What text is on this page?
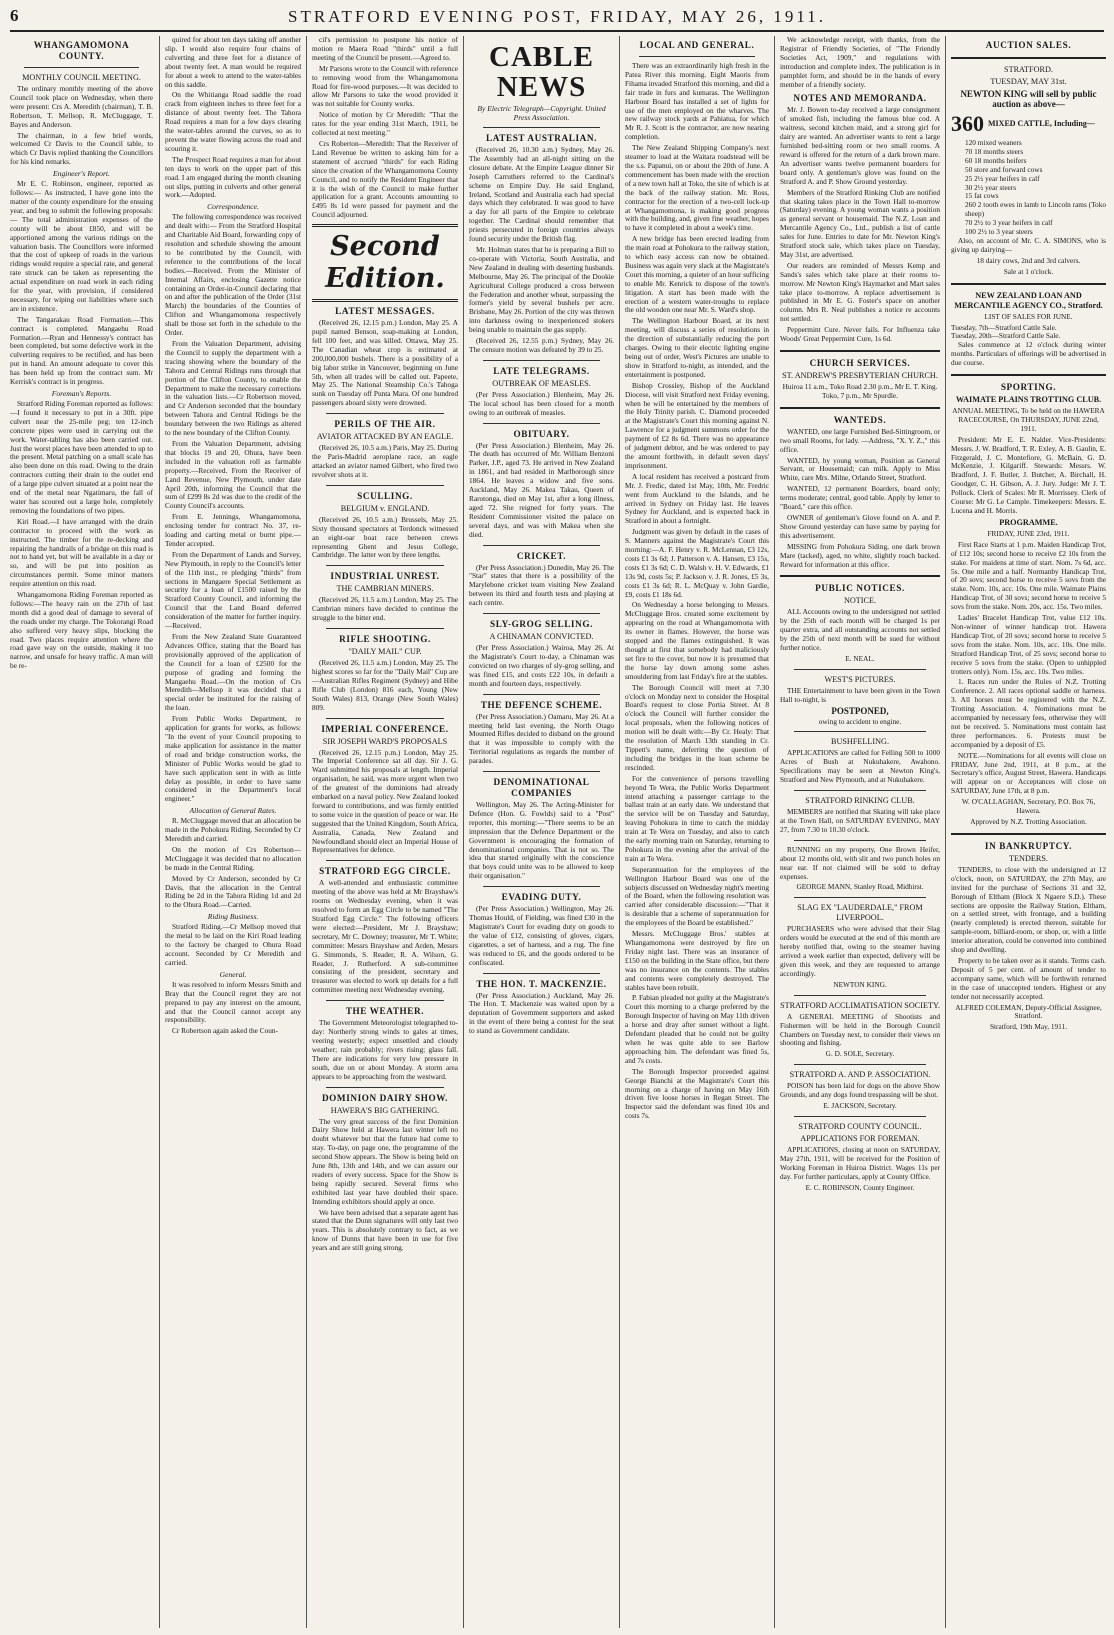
6	STRATFORD EVENING POST, FRIDAY, MAY 26, 1911.
WHANGAMOMONA COUNTY.
MONTHLY COUNCIL MEETING.

The ordinary monthly meeting of the above Council took place on Wednesday, when there were present: Crs A. Meredith (chairman), T. B. Robertson, T. Mellsop, R. McCluggage, T. Bayes and Anderson.

The chairman, in a few brief words, welcomed Cr Davis to the Council table, to which Cr Davis replied thanking the Councillors for his kind remarks.

Engineer's Report.

Mr E. C. Robinson, engineer, reported as follows:— As instructed, I have gone into the matter of the county expenditure for the ensuing year, and beg to submit the following proposals:— The total administration expenses of the county will be about £850, and will be apportioned among the various ridings on the valuation basis. The Councillors were informed that the cost of upkeep of roads in the various ridings would require a special rate, and general rate struck can be taken as representing the actual expenditure on road work in each riding for the year, with provision, if considered necessary, for wiping out liabilities where such are in existence.

The Tangarakau Road Formation.—This contract is completed. Mangaehu Road Formation.—Ryan and Hennessy's contract has been completed, but some defective work in the culverting requires to be rectified, and has been put in hand. An amount adequate to cover this has been held up from the contract sum. Mr Kerrisk's contract is in progress.

Foreman's Reports.

Stratford Riding Foreman reported as follows:—I found it necessary to put in a 30ft. pipe culvert near the 25-mile peg; ten 12-inch concrete pipes were used in carrying out the work. Water-tabling has also been carried out. Just the worst places have been attended to up to the present. Metal patching on a small scale has also been done on this road. Owing to the drain contractors cutting their drain to the outlet end of a large pipe culvert situated at a point near the end of the metal near Ngatimaru, the fall of water has scoured out a large hole, completely removing the foundations of two pipes.

Kiri Road.—I have arranged with the drain contractor to proceed with the work as instructed. The timber for the re-decking and repairing the handrails of a bridge on this road is not to hand yet, but will be available in a day or so, and will be put into position as circumstances permit. Some minor matters require attention on this road.

Whangamomona Riding Foreman reported as follows:—The heavy rain on the 27th of last month did a good deal of damage to several of the roads under my charge. The Tokorangi Road also suffered very heavy slips, blocking the road. Two places require attention where the road gave way on the outside, making it too narrow, and unsafe for heavy traffic. A man will be re-

quired for about ten days taking off another slip. I would also require four chains of culverting and three feet for a distance of about twenty feet. A man would be required for about a week to attend to the water-tables on this saddle.

On the Whitianga Road saddle the road crack from eighteen inches to three feet for a distance of about twenty feet. The Tahora Road requires a man for a few days clearing the water-tables around the curves, so as to prevent the water flowing across the road and scouring it.

The Prospect Road requires a man for about ten days to work on the upper part of this road. I am engaged during the month cleaning out slips, putting in culverts and other general work.—Adopted.

Correspondence.

The following correspondence was received and dealt with:— From the Stratford Hospital and Charitable Aid Board, forwarding copy of resolution and schedule showing the amount to be contributed by the Council, with reference to the contributions of the local bodies.—Received. From the Minister of Internal Affairs, enclosing Gazette notice containing an Order-in-Council declaring that on and after the publication of the Order (31st March) the boundaries of the Counties of Clifton and Whangamomona respectively shall be those set forth in the schedule to the Order.

From the Valuation Department, advising the Council to supply the department with a tracing showing where the boundary of the Tahora and Central Ridings runs through that portion of the Clifton County, to enable the Department to make the necessary corrections in the valuation lists.—Cr Robertson moved, and Cr Anderson seconded that the boundary between Tahora and Central Ridings be the boundary between the two Ridings as altered to the new boundary of the Clifton County.

From the Valuation Department, advising that blocks 19 and 20, Ohura, have been included in the valuation roll as farmable property.—Received. From the Receiver of Land Revenue, New Plymouth, under date April 20th, informing the Council that the sum of £299 8s 2d was due to the credit of the County Council's accounts.

From E. Jennings, Whangamomona, enclosing tender for contract No. 37, re-loading and carting metal or burnt pipe.—Tender accepted.

From the Department of Lands and Survey, New Plymouth, in reply to the Council's letter of the 11th inst., re pledging "thirds" from sections in Mangaere Special Settlement as security for a loan of £1500 raised by the Stratford County Council, and informing the Council that the Land Board deferred consideration of the matter for further inquiry.—Received.

From the New Zealand State Guaranteed Advances Office, stating that the Board has provisionally approved of the application of the Council for a loan of £2500 for the purpose of grading and forming the Mangaehu Road.—On the motion of Crs Meredith—Mellsop it was decided that a special order be instituted for the raising of the loan.

From Public Works Department, re application for grants for works, as follows: "In the event of your Council proposing to make application for assistance in the matter of road and bridge construction works, the Minister of Public Works would be glad to have such application sent in with as little delay as possible, in order to have same considered in the Department's local engineer."

Allocation of General Rates.

R. McCluggage moved that an allocation be made in the Pohokura Riding. Seconded by Cr Meredith and carried.

On the motion of Crs Robertson—McCluggage it was decided that no allocation be made in the Central Riding.

Moved by Cr Anderson, seconded by Cr Davis, that the allocation in the Central Riding be 2d in the Tahora Riding 1d and 2d to the Ohura Road.—Carried.

Riding Business.

Stratford Riding.—Cr Mellsop moved that the metal to be laid on the Kiri Road leading to the factory be charged to Ohura Road account. Seconded by Cr Meredith and carried.

General.

It was resolved to inform Messrs Smith and Bray that the Council regret they are not prepared to pay any interest on the amount, and that the Council cannot accept any responsibility.

Cr Robertson again asked the Coun-

cil's permission to postpone his notice of motion re Maera Road "thirds" until a full meeting of the Council be present.—Agreed to.

Mr Parsons wrote to the Council with reference to removing wood from the Whangamomona Road for fire-wood purposes.—It was decided to allow Mr Parsons to take the wood provided it was not suitable for County works.

Notice of motion by Cr Meredith: "That the rates for the year ending 31st March, 1911, be collected at next meeting."

Crs Roberton—Meredith: That the Receiver of Land Revenue be written to asking him for a statement of accrued "thirds" for each Riding since the creation of the Whangamomona County Council, and to notify the Resident Engineer that it is the wish of the Council to make further application for a grant. Accounts amounting to £495 8s 1d were passed for payment and the Council adjourned.

Second Edition.
LATEST MESSAGES.

(Received 26, 12.15 p.m.) London, May 25. A pupil named Benson, soap-making at London, fell 100 feet, and was killed. Ottawa, May 25. The Canadian wheat crop is estimated at 200,000,000 bushels. There is a possibility of a big labor strike in Vancouver, beginning on June 5th, when all trades will be called out. Papeete, May 25. The National Steamship Co.'s Tahoga sunk on Tuesday off Punta Mara. Of one hundred passengers aboard sixty were drowned.

PERILS OF THE AIR.
AVIATOR ATTACKED BY AN EAGLE.

(Received 26, 10.5 a.m.) Paris, May 25. During the Paris-Madrid aeroplane race, an eagle attacked an aviator named Gilbert, who fired two revolver shots at it.

SCULLING.
BELGIUM v. ENGLAND.

(Received 26, 10.5 a.m.) Brussels, May 25. Sixty thousand spectators at Terdonck witnessed an eight-oar boat race between crews representing Ghent and Jesus College, Cambridge. The latter won by three lengths.

INDUSTRIAL UNREST.
THE CAMBRIAN MINERS.

(Received 26, 11.5 a.m.) London, May 25. The Cambrian miners have decided to continue the struggle to the bitter end.

RIFLE SHOOTING.
"DAILY MAIL" CUP.

(Received 26, 11.5 a.m.) London, May 25. The highest scores so far for the "Daily Mail" Cup are—Australian Rifles Regiment (Sydney) and Hibe Rifle Club (London) 816 each, Young (New South Wales) 813, Orange (New South Wales) 809.

IMPERIAL CONFERENCE.
SIR JOSEPH WARD'S PROPOSALS

(Received 26, 12.15 p.m.) London, May 25. The Imperial Conference sat all day. Sir J. G. Ward submitted his proposals at length. Imperial organisation, he said, was more urgent when two of the greatest of the dominions had already embarked on a naval policy. New Zealand looked forward to contributions, and was firmly entitled to some voice in the question of peace or war. He suggested that the United Kingdom, South Africa, Australia, Canada, New Zealand and Newfoundland should elect an Imperial House of Representatives for defence.

STRATFORD EGG CIRCLE.

A well-attended and enthusiastic committee meeting of the above was held at Mr Brayshaw's rooms on Wednesday evening, when it was resolved to form an Egg Circle to be named "The Stratford Egg Circle." The following officers were elected:—President, Mr J. Brayshaw; secretary, Mr C. Downey; treasurer, Mr T. White; committee: Messrs Brayshaw and Arden, Messrs G. Simmonds, S. Reader, R. A. Wilson, G. Reader, J. Rutherford. A sub-committee consisting of the president, secretary and treasurer was elected to work up details for a full committee meeting next Wednesday evening.

THE WEATHER.

The Government Meteorologist telegraphed to-day: Northerly strong winds to gales at times, veering westerly; expect unsettled and cloudy weather; rain probably; rivers rising; glass fall. There are indications for very low pressure in south, due on or about Monday. A storm area appears to be approaching from the westward.

DOMINION DAIRY SHOW.
HAWERA'S BIG GATHERING.

The very great success of the first Dominion Dairy Show held at Hawera last winter left no doubt whatever but that the future had come to stay. To-day, on page one, the programme of the second Show appears. The Show is being held on June 8th, 13th and 14th, and we can assure our readers of every success. Space for the Show is being rapidly secured. Several firms who exhibited last year have doubled their space. Intending exhibitors should apply at once.

We have been advised that a separate agent has stated that the Dunn signatures will only last two years. This is absolutely contrary to fact, as we know of Dunns that have been in use for five years and are still going strong.

CABLE NEWS
By Electric Telegraph—Copyright. United Press Association.
LATEST AUSTRALIAN.

(Received 26, 10.30 a.m.) Sydney, May 26. The Assembly had an all-night sitting on the closure debate. At the Empire League dinner Sir Joseph Carruthers referred to the Cardinal's scheme on Empire Day. He said England, Ireland, Scotland and Australia each had special days which they celebrated. It was good to have a day for all parts of the Empire to celebrate together. The Cardinal should remember that priests persecuted in foreign countries always found security under the British flag.

Mr. Holman states that he is preparing a Bill to co-operate with Victoria, South Australia, and New Zealand in dealing with deserting husbands. Melbourne, May 26. The principal of the Dookie Agricultural College produced a cross between the Federation and another wheat, surpassing the former's yield by several bushels per acre. Brisbane, May 26. Portion of the city was thrown into darkness owing to inexperienced stokers being unable to maintain the gas supply.

(Received 26, 12.55 p.m.) Sydney, May 26. The censure motion was defeated by 39 to 25.

LATE TELEGRAMS.
OUTBREAK OF MEASLES.

(Per Press Association.) Blenheim, May 26. The local school has been closed for a month owing to an outbreak of measles.

OBITUARY.

(Per Press Association.) Blenheim, May 26. The death has occurred of Mr. William Benzoni Parker, J.P., aged 73. He arrived in New Zealand in 1861, and had resided in Marlborough since 1864. He leaves a widow and five sons. Auckland, May 26. Makea Takau, Queen of Rarotonga, died on May 1st, after a long illness, aged 72. She reigned for forty years. The Resident Commissioner visited the palace on several days, and was with Makea when she died.

CRICKET.

(Per Press Association.) Dunedin, May 26. The "Star" states that there is a possibility of the Marylebone cricket team visiting New Zealand between its third and fourth tests and playing at each centre.

SLY-GROG SELLING.
A CHINAMAN CONVICTED.

(Per Press Association.) Wairoa, May 26. At the Magistrate's Court to-day, a Chinaman was convicted on two charges of sly-grog selling, and was fined £15, and costs £22 10s, in default a month and fourteen days, respectively.

THE DEFENCE SCHEME.

(Per Press Association.) Oamaru, May 26. At a meeting held last evening, the North Otago Mounted Rifles decided to disband on the ground that it was impossible to comply with the Territorial regulations as regards the number of parades.

DENOMINATIONAL COMPANIES

Wellington, May 26. The Acting-Minister for Defence (Hon. G. Fowlds) said to a "Post" reporter, this morning:—"There seems to be an impression that the Defence Department or the Government is encouraging the formation of denominational companies. That is not so. The idea that started originally with the conscience that boys could unite was to be allowed to keep their organisation."

EVADING DUTY.

(Per Press Association.) Wellington, May 26. Thomas Hould, of Fielding, was fined £30 in the Magistrate's Court for evading duty on goods to the value of £12, consisting of gloves, cigars, cigarettes, a set of harness, and a rug. The fine was reduced to £6, and the goods ordered to be confiscated.

THE HON. T. MACKENZIE.

(Per Press Association.) Auckland, May 26. The Hon. T. Mackenzie was waited upon by a deputation of Government supporters and asked in the event of there being a contest for the seat to stand as Government candidate.

LOCAL AND GENERAL.

There was an extraordinarily high fresh in the Patea River this morning. Eight Maoris from Fihama invaded Stratford this morning, and did a fair trade in furs and kumaras. The Wellington Harbour Board has installed a set of lights for use of the men employed on the wharves. The new railway stock yards at Pahiatua, for which Mr R. J. Scott is the contractor, are now nearing completion.

The New Zealand Shipping Company's next steamer to load at the Waitara roadstead will be the s.s. Papanui, on or about the 20th of June. A commencement has been made with the erection of a new town hall at Toko, the site of which is at the back of the railway station. Mr. Ross, contractor for the erection of a two-cell lock-up at Whangamomona, is making good progress with the building, and, given fine weather, hopes to have it completed in about a week's time.

A new bridge has been erected leading from the main road at Pohokura to the railway station, to which easy access can now be obtained. Business was again very slack at the Magistrate's Court this morning, a quieter of an hour sufficing to enable Mr. Kenrick to dispose of the town's litigation. A start has been made with the erection of a western water-troughs to replace the old wooden one near Mr. S. Ward's shop.

The Wellington Harbour Board, at its next meeting, will discuss a series of resolutions in the direction of substantially reducing the port charges. Owing to their electric lighting engine being out of order, West's Pictures are unable to show in Stratford to-night, as intended, and the entertainment is postponed.

Bishop Crossley, Bishop of the Auckland Diocese, will visit Stratford next Friday evening, when he will be entertained by the members of the Holy Trinity parish. C. Diamond proceeded at the Magistrate's Court this morning against N. Lawrence for a judgment summons order for the payment of £2 8s 6d. There was no appearance of judgment debtor, and he was ordered to pay the amount forthwith, in default seven days' imprisonment.

A local resident has received a postcard from Mr. J. Fredic, dated 1st May, 10th, Mr. Fredric went from Auckland to the Islands, and he arrived in Sydney on Friday last. He leaves Sydney for Auckland, and is expected back in Stratford in about a fortnight.

Judgment was given by default in the cases of S. Manners against the Magistrate's Court this morning:—A. F. Henry v. R. McLennan, £3 12s, costs £1 3s 6d; J. Patterson v. A. Hansen, £3 15s, costs £1 3s 6d; C. D. Walsh v. H. V. Edwards, £1 13s 9d, costs 5s; P. Jackson v. J. R. Jones, £5 3s, costs £1 3s 6d; R. L. McQuay v. John Gardie, £9, costs £1 18s 6d.

On Wednesday a horse belonging to Messrs. McCluggage Bros. created some excitement by appearing on the road at Whangamomona with its owner in flames. However, the horse was stopped and the flames extinguished. It was thought at first that somebody had maliciously set fire to the cover, but now it is presumed that the horse lay down among some ashes smouldering from last Friday's fire at the stables.

The Borough Council will meet at 7.30 o'clock on Monday next to consider the Hospital Board's request to close Portia Street. At 8 o'clock the Council will further consider the local proposals, when the following notices of motion will be dealt with:—By Cr. Healy: That the resolution of March 13th standing in Cr. Tippett's name, deferring the question of including the bridges in the loan scheme be rescinded.

For the convenience of persons travelling beyond Te Wera, the Public Works Department intend attaching a passenger carriage to the ballast train at an early date. We understand that the service will be on Tuesday and Saturday, leaving Pohokura in time to catch the midday train at Te Wera on Tuesday, and also to catch the early morning train on Saturday, returning to Pohokura in the evening after the arrival of the train at Te Wera.

Superannuation for the employees of the Wellington Harbour Board was one of the subjects discussed on Wednesday night's meeting of the Board, when the following resolution was carried after considerable discussion:—"That it is desirable that a scheme of superannuation for the employees of the Board be established."

Messrs. McCluggage Bros.' stables at Whangamomona were destroyed by fire on Friday night last. There was an insurance of £150 on the building in the State office, but there was no insurance on the contents. The stables and contents were completely destroyed. The stables have been rebuilt.

P. Fabian pleaded not guilty at the Magistrate's Court this morning to a charge preferred by the Borough Inspector of having on May 11th driven a horse and dray after sunset without a light. Defendant pleaded that he could not be guilty when he was quite able to see Barlow approaching him. The defendant was fined 5s, and 7s costs.

The Borough Inspector proceeded against George Bianchi at the Magistrate's Court this morning on a charge of having on May 16th driven five loose horses in Regan Street. The Inspector said the defendant was fined 10s and costs 7s.

We acknowledge receipt, with thanks, from the Registrar of Friendly Societies, of "The Friendly Societies Act, 1909," and regulations with introduction and complete index. The publication is in pamphlet form, and should be in the hands of every member of a friendly society.

NOTES AND MEMORANDA.

Mr. J. Bowen to-day received a large consignment of smoked fish, including the famous blue cod. A waitress, second kitchen maid, and a strong girl for dairy are wanted. An advertiser wants to rent a large furnished bed-sitting room or two small rooms. A reward is offered for the return of a dark brown mare. An advertiser wants twelve permanent boarders for board only. A gentleman's glove was found on the Stratford A. and P. Show Ground yesterday.

Members of the Stratford Rinking Club are notified that skating takes place in the Town Hall to-morrow (Saturday) evening. A young woman wants a position as general servant or housemaid. The N.Z. Loan and Mercantile Agency Co., Ltd., publish a list of cattle sales for June. Entries to date for Mr. Newton King's Stratford stock sale, which takes place on Tuesday, May 31st, are advertised.

Our readers are reminded of Messrs Kemp and Sands's sales which take place at their rooms to-morrow. Mr Newton King's Haymarket and Mart sales take place to-morrow. A replace advertisement is published in Mr E. G. Foster's space on another column. Mrs R. Neal publishes a notice re accounts not settled.

Peppermint Cure. Never fails. For Influenza take Woods' Great Peppermint Cure, 1s 6d.

CHURCH SERVICES.
ST. ANDREW'S PRESBYTERIAN CHURCH.
Huiroa 11 a.m., Toko Road 2.30 p.m., Mr E. T. King. Toko, 7 p.m., Mr Spurdle.
WANTEDS.

WANTED, one large Furnished Bed-Sittingroom, or two small Rooms, for lady. —Address, "X. Y. Z.," this office.

WANTED, by young woman, Position as General Servant, or Housemaid; can milk. Apply to Miss White, care Mrs. Milne, Orlando Street, Stratford.

WANTED, 12 permanent Boarders, board only; terms moderate; central, good table. Apply by letter to "Board," care this office.

OWNER of gentleman's Glove found on A. and P. Show Ground yesterday can have same by paying for this advertisement.

MISSING from Pohokura Siding, one dark brown Mare (tacked), aged, no white, slightly roach backed. Reward for information at this office.

PUBLIC NOTICES.
NOTICE.

ALL Accounts owing to the undersigned not settled by the 25th of each month will be charged 1s per quarter extra, and all outstanding accounts not settled by the 25th of next month will be sued for without further notice.

E. NEAL.
WEST'S PICTURES.

THE Entertainment to have been given in the Town Hall to-night, is

POSTPONED,
owing to accident to engine.
BUSHFELLING.

APPLICATIONS are called for Felling 500 to 1000 Acres of Bush at Nukuhakere, Awahono. Specifications may be seen at Newton King's, Stratford and New Plymouth, and at Nukuhakere.

STRATFORD RINKING CLUB.

MEMBERS are notified that Skating will take place at the Town Hall, on SATURDAY EVENING, MAY 27, from 7.30 to 10.30 o'clock.

RUNNING on my property, One Brown Heifer, about 12 months old, with slit and two punch holes on near ear. If not claimed will be sold to defray expenses.

GEORGE MANN, Stanley Road, Midhirst.
SLAG EX "LAUDERDALE," FROM LIVERPOOL.

PURCHASERS who were advised that their Slag orders would be executed at the end of this month are hereby notified that, owing to the steamer having arrived a week earlier than expected, delivery will be given this week, and they are requested to arrange accordingly.

NEWTON KING.
STRATFORD ACCLIMATISATION SOCIETY.

A GENERAL MEETING of Shootists and Fishermen will be held in the Borough Council Chambers on Tuesday next, to consider their views on shooting and fishing.

G. D. SOLE, Secretary.
STRATFORD A. AND P. ASSOCIATION.

POISON has been laid for dogs on the above Show Grounds, and any dogs found trespassing will be shot.

E. JACKSON, Secretary.
STRATFORD COUNTY COUNCIL.
APPLICATIONS FOR FOREMAN.

APPLICATIONS, closing at noon on SATURDAY, May 27th, 1911, will be received for the Position of Working Foreman in Huiroa District. Wages 11s per day. For further particulars, apply at County Office.

E. C. ROBINSON, County Engineer.
AUCTION SALES.
STRATFORD.
TUESDAY, MAY 31st.
NEWTON KING will sell by public auction as above—
360 MIXED CATTLE, Including—
120 mixed weaners
70 18 months steers
60 18 months heifers
50 store and forward cows
25 2½ year heifers in calf
30 2½ year steers
15 fat cows
260 2 tooth ewes in lamb to Lincoln rams (Toko sheep)
70 2½ to 3 year heifers in calf
100 2½ to 3 year steers

Also, on account of Mr. C. A. SIMONS, who is giving up dairying—

18 dairy cows, 2nd and 3rd calvers.
Sale at 1 o'clock.
NEW ZEALAND LOAN AND MERCANTILE AGENCY CO., Stratford.
LIST OF SALES FOR JUNE.
Tuesday, 7th—Stratford Cattle Sale.
Tuesday, 20th—Stratford Cattle Sale.

Sales commence at 12 o'clock during winter months. Particulars of offerings will be advertised in due course.

SPORTING.
WAIMATE PLAINS TROTTING CLUB.
ANNUAL MEETING, To be held on the HAWERA RACECOURSE, On THURSDAY, JUNE 22nd, 1911.

President: Mr E. E. Nalder. Vice-Presidents: Messrs. J. W. Bradford, T. R. Exley, A. B. Gaulin, E. Fitzgerald, J. C. Montefiore, G. McBain, G. D. McKenzie, J. Kilgariff. Stewards: Messrs. W. Bradford, J. F. Butler, J. Butcher, A. Birchall, H. Goodger, C. H. Gibson, A. J. Jury. Judge: Mr J. T. Pollock. Clerk of Scales: Mr R. Morrissey. Clerk of Course: Mr G. Le Cample. Timekeepers: Messrs. E. Lucena and H. Morris.

PROGRAMME.
FRIDAY, JUNE 23rd, 1911.

First Race Starts at 1 p.m. Maiden Handicap Trot, of £12 10s; second horse to receive £2 10s from the stake. For maidens at time of start. Nom. 7s 6d, acc. 5s. One mile and a half. Normanby Handicap Trot, of 20 sovs; second horse to receive 5 sovs from the stake. Nom. 10s, acc. 10s. One mile. Waimate Plains Handicap Trot, of 30 sovs; second horse to receive 5 sovs from the stake. Nom. 20s, acc. 15s. Two miles.

Ladies' Bracelet Handicap Trot, value £12 10s. Non-winner of winner handicap trot. Hawera Handicap Trot, of 20 sovs; second horse to receive 5 sovs from the stake. Nom. 10s, acc. 10s. One mile. Stratford Handicap Trot, of 25 sovs; second horse to receive 5 sovs from the stake. (Open to unhippled trotters only). Nom. 15s, acc. 10s. Two miles.

1. Races run under the Rules of N.Z. Trotting Conference. 2. All races optional saddle or harness. 3. All horses must be registered with the N.Z. Trotting Association. 4. Nominations must be accompanied by necessary fees, otherwise they will not be received. 5. Nominations must contain last three performances. 6. Protests must be accompanied by a deposit of £5.

NOTE.—Nominations for all events will close on FRIDAY, June 2nd, 1911, at 8 p.m., at the Secretary's office, August Street, Hawera. Handicaps will appear on or Acceptances will close on SATURDAY, June 17th, at 8 p.m.

W. O'CALLAGHAN, Secretary, P.O. Box 76, Hawera.
Approved by N.Z. Trotting Association.
IN BANKRUPTCY.
TENDERS.

TENDERS, to close with the undersigned at 12 o'clock, noon, on SATURDAY, the 27th May, are invited for the purchase of Sections 31 and 32, Borough of Eltham (Block X Ngaere S.D.). These sections are opposite the Railway Station, Eltham, on a settled street, with frontage, and a building (nearly completed) is erected thereon, suitable for sample-room, billiard-room, or shop, or, with a little interior alteration, could be converted into combined shop and dwelling.

Property to be taken over as it stands. Terms cash. Deposit of 5 per cent. of amount of tender to accompany same, which will be forthwith returned in the case of unaccepted tenders. Highest or any tender not necessarily accepted.

ALFRED COLEMAN, Deputy-Official Assignee, Stratford.
Stratford, 19th May, 1911.
